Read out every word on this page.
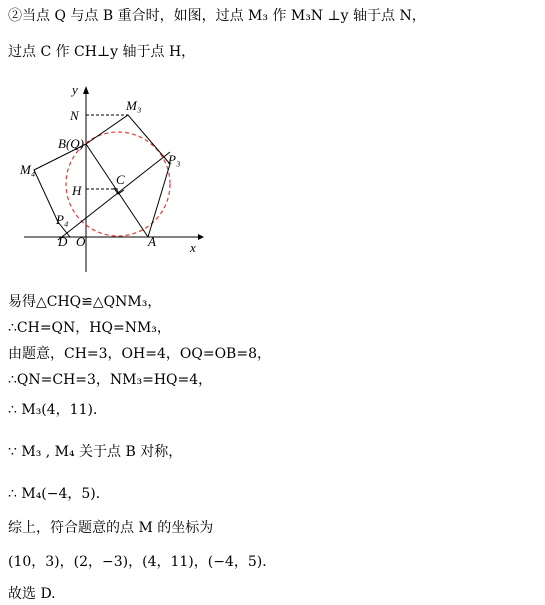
②当点 Q 与点 B 重合时，如图，过点 M₃ 作 M₃N ⊥y 轴于点 N，
过点 C 作 CH⊥y 轴于点 H，
y
x
N
M₃
B(Q)
P₃
M₄
C
H
P₄
D O	A
易得△CHQ≌△QNM₃，
∴CH=QN，HQ=NM₃，
由题意，CH=3，OH=4，OQ=OB=8，
∴QN=CH=3，NM₃=HQ=4，
∴ M₃(4，11)．
∵ M₃ , M₄ 关于点 B 对称，
∴ M₄(−4，5)．
综上，符合题意的点 M 的坐标为
(10，3)，(2，−3)，(4，11)，(−4，5)．
故选 D.
